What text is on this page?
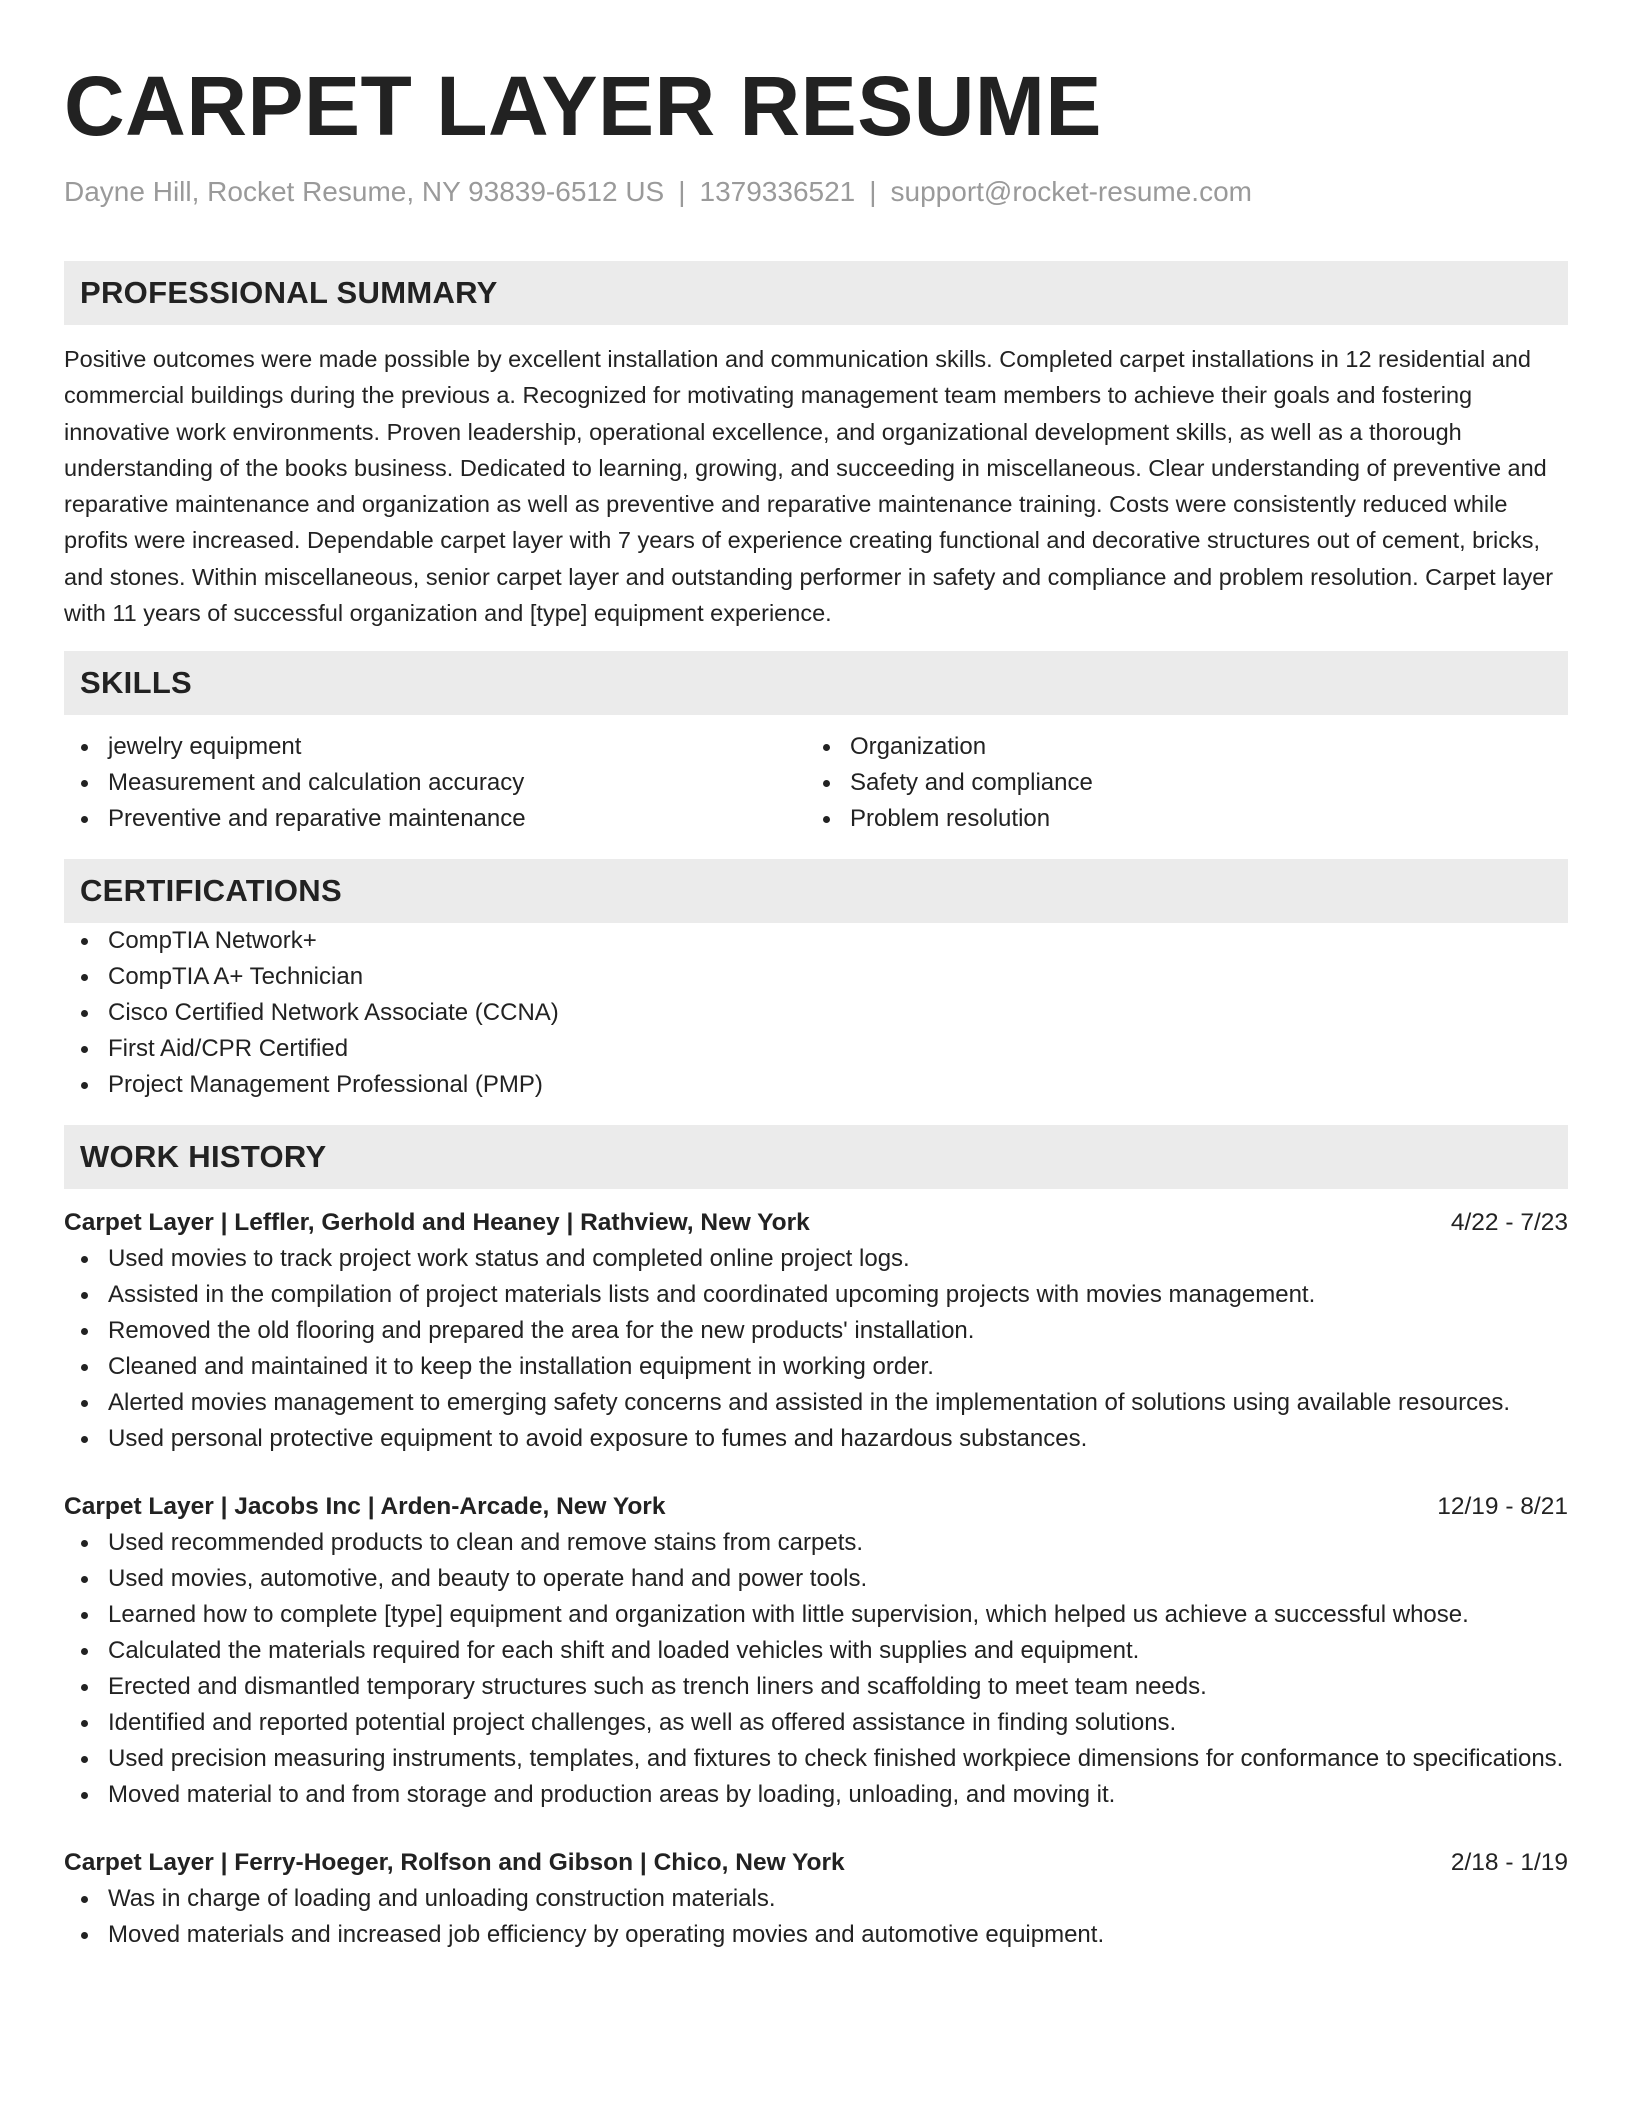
CARPET LAYER RESUME
Dayne Hill, Rocket Resume, NY 93839-6512 US | 1379336521 | support@rocket-resume.com
PROFESSIONAL SUMMARY

Positive outcomes were made possible by excellent installation and communication skills. Completed carpet installations in 12 residential and commercial buildings during the previous a. Recognized for motivating management team members to achieve their goals and fostering innovative work environments. Proven leadership, operational excellence, and organizational development skills, as well as a thorough understanding of the books business. Dedicated to learning, growing, and succeeding in miscellaneous. Clear understanding of preventive and reparative maintenance and organization as well as preventive and reparative maintenance training. Costs were consistently reduced while profits were increased. Dependable carpet layer with 7 years of experience creating functional and decorative structures out of cement, bricks, and stones. Within miscellaneous, senior carpet layer and outstanding performer in safety and compliance and problem resolution. Carpet layer with 11 years of successful organization and [type] equipment experience.

SKILLS
jewelry equipment
Measurement and calculation accuracy
Preventive and reparative maintenance
Organization
Safety and compliance
Problem resolution
CERTIFICATIONS
CompTIA Network+
CompTIA A+ Technician
Cisco Certified Network Associate (CCNA)
First Aid/CPR Certified
Project Management Professional (PMP)
WORK HISTORY
Carpet Layer | Leffler, Gerhold and Heaney | Rathview, New York	4/22 - 7/23
Used movies to track project work status and completed online project logs.
Assisted in the compilation of project materials lists and coordinated upcoming projects with movies management.
Removed the old flooring and prepared the area for the new products' installation.
Cleaned and maintained it to keep the installation equipment in working order.
Alerted movies management to emerging safety concerns and assisted in the implementation of solutions using available resources.
Used personal protective equipment to avoid exposure to fumes and hazardous substances.
Carpet Layer | Jacobs Inc | Arden-Arcade, New York	12/19 - 8/21
Used recommended products to clean and remove stains from carpets.
Used movies, automotive, and beauty to operate hand and power tools.
Learned how to complete [type] equipment and organization with little supervision, which helped us achieve a successful whose.
Calculated the materials required for each shift and loaded vehicles with supplies and equipment.
Erected and dismantled temporary structures such as trench liners and scaffolding to meet team needs.
Identified and reported potential project challenges, as well as offered assistance in finding solutions.
Used precision measuring instruments, templates, and fixtures to check finished workpiece dimensions for conformance to specifications.
Moved material to and from storage and production areas by loading, unloading, and moving it.
Carpet Layer | Ferry-Hoeger, Rolfson and Gibson | Chico, New York	2/18 - 1/19
Was in charge of loading and unloading construction materials.
Moved materials and increased job efficiency by operating movies and automotive equipment.
